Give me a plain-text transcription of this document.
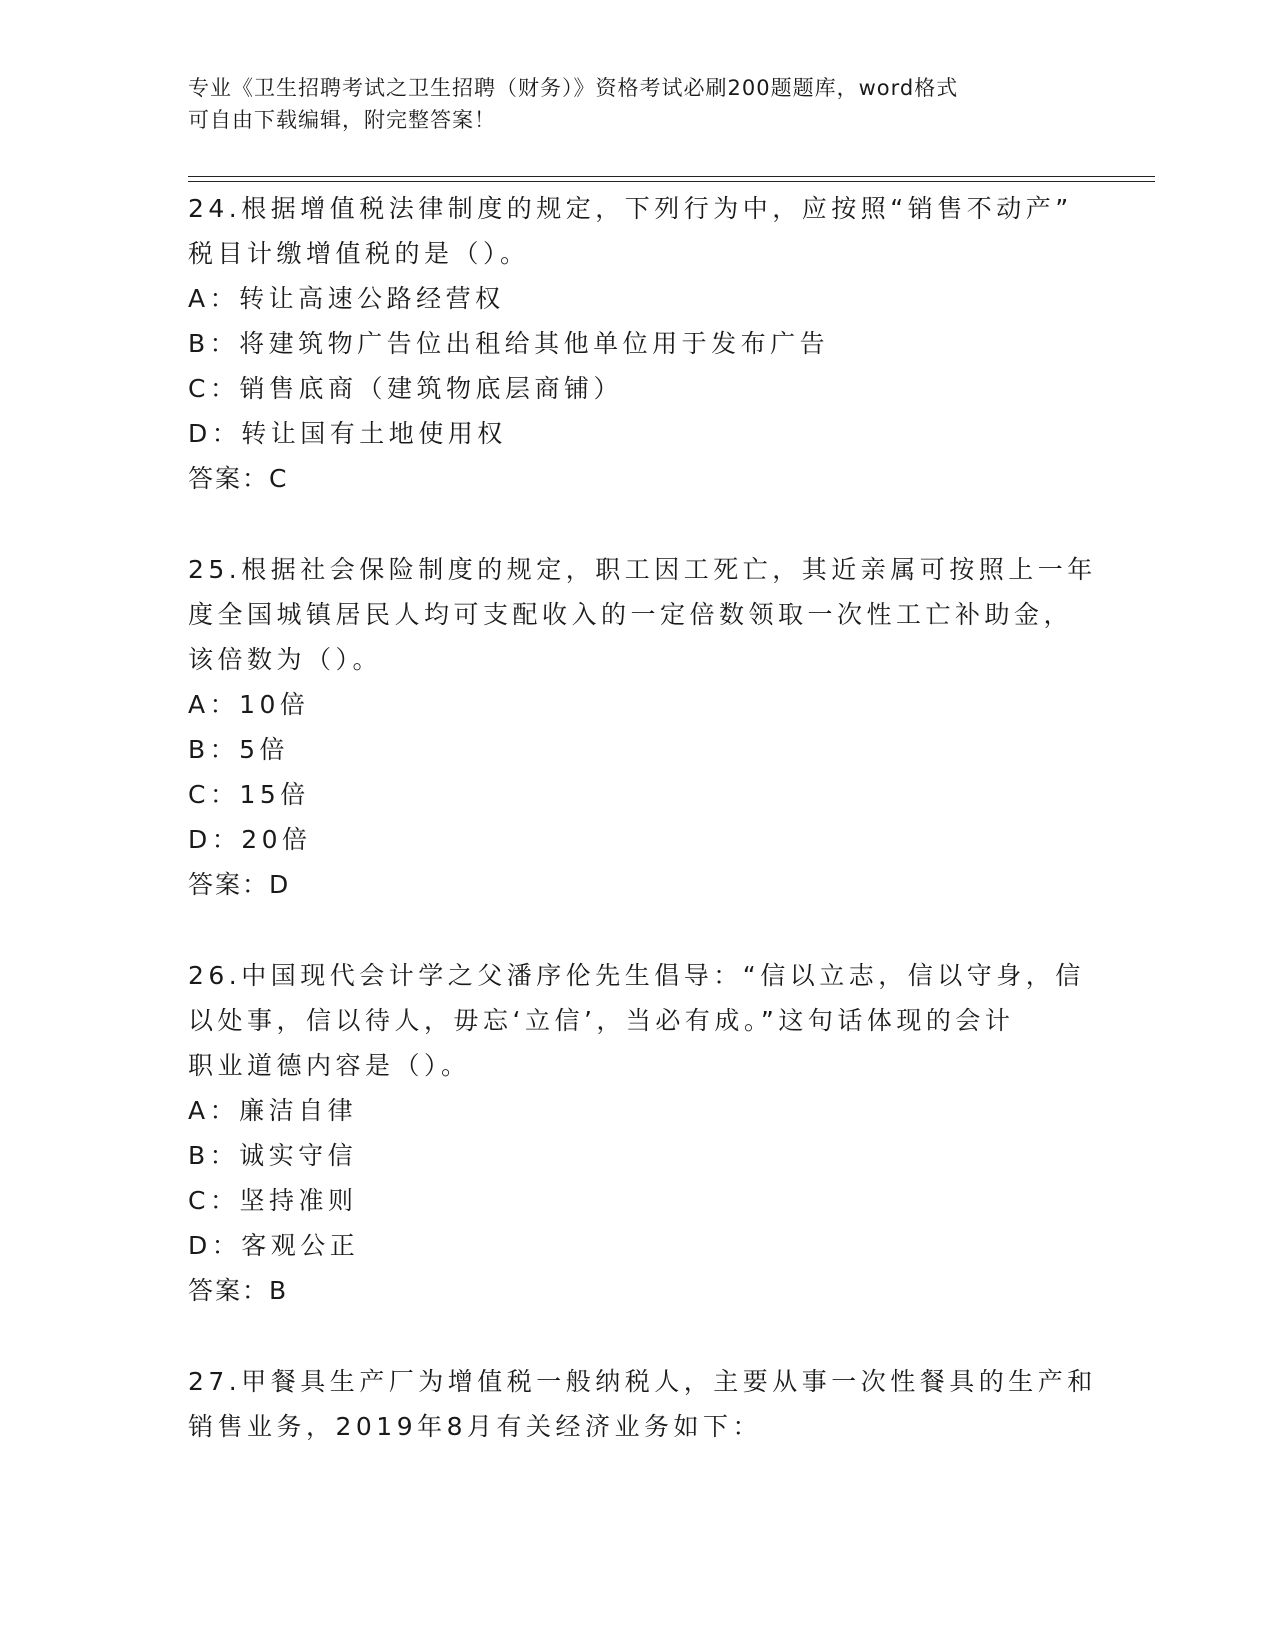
专业《卫生招聘考试之卫生招聘（财务）》资格考试必刷200题题库，word格式
可自由下载编辑，附完整答案！
24.根据增值税法律制度的规定，下列行为中，应按照“销售不动产”
税目计缴增值税的是（）。
A：转让高速公路经营权
B：将建筑物广告位出租给其他单位用于发布广告
C：销售底商（建筑物底层商铺）
D：转让国有土地使用权
答案：C
25.根据社会保险制度的规定，职工因工死亡，其近亲属可按照上一年
度全国城镇居民人均可支配收入的一定倍数领取一次性工亡补助金，
该倍数为（）。
A：10倍
B：5倍
C：15倍
D：20倍
答案：D
26.中国现代会计学之父潘序伦先生倡导：“信以立志，信以守身，信
以处事，信以待人，毋忘‘立信’，当必有成。”这句话体现的会计
职业道德内容是（）。
A：廉洁自律
B：诚实守信
C：坚持准则
D：客观公正
答案：B
27.甲餐具生产厂为增值税一般纳税人，主要从事一次性餐具的生产和
销售业务，2019年8月有关经济业务如下：
